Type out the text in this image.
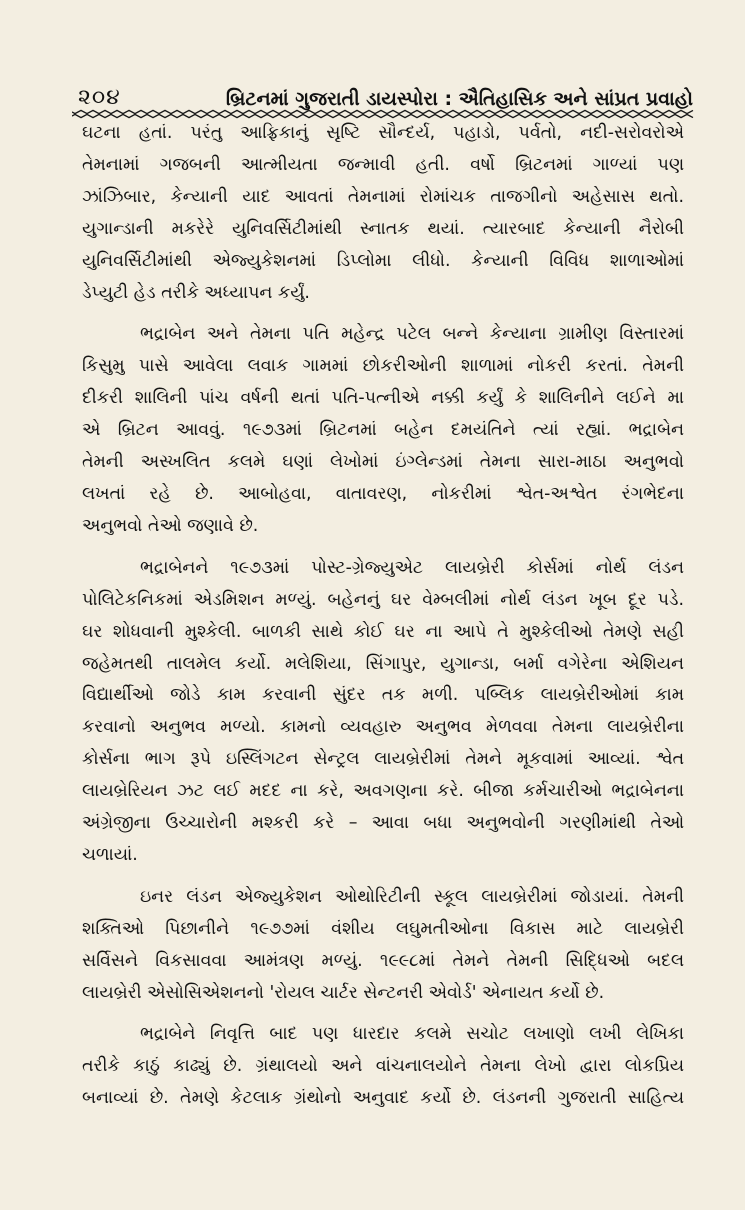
૨૦૪	બ્રિટનમાં ગુજરાતી ડાયસ્પોરા : ઐતિહાસિક અને સાંપ્રત પ્રવાહો

ઘટના હતાં. પરંતુ આફ્રિકાનું સૃષ્ટિ સૌન્દર્ય, પહાડો, પર્વતો, નદી-સરોવરોએ
તેમનામાં ગજબની આત્મીયતા જન્માવી હતી. વર્ષો બ્રિટનમાં ગાળ્યાં પણ
ઝાંઝિબાર, કેન્યાની યાદ આવતાં તેમનામાં રોમાંચક તાજગીનો અહેસાસ થતો.
યુગાન્ડાની મકરેરે યુનિવર્સિટીમાંથી સ્નાતક થયાં. ત્યારબાદ કેન્યાની નૈરોબી
યુનિવર્સિટીમાંથી એજ્યુકેશનમાં ડિપ્લોમા લીધો. કેન્યાની વિવિધ શાળાઓમાં
ડેપ્યુટી હેડ તરીકે અધ્યાપન કર્યું.

ભદ્રાબેન અને તેમના પતિ મહેન્દ્ર પટેલ બન્ને કેન્યાના ગ્રામીણ વિસ્તારમાં
કિસુમુ પાસે આવેલા લવાક ગામમાં છોકરીઓની શાળામાં નોકરી કરતાં. તેમની
દીકરી શાલિની પાંચ વર્ષની થતાં પતિ-પત્નીએ નક્કી કર્યું કે શાલિનીને લઈને મા
એ બ્રિટન આવવું. ૧૯૭૩માં બ્રિટનમાં બહેન દમયંતિને ત્યાં રહ્યાં. ભદ્રાબેન
તેમની અસ્ખલિત કલમે ઘણાં લેખોમાં ઇંગ્લેન્ડમાં તેમના સારા-માઠા અનુભવો
લખતાં રહે છે. આબોહવા, વાતાવરણ, નોકરીમાં શ્વેત-અશ્વેત રંગભેદના
અનુભવો તેઓ જણાવે છે.

ભદ્રાબેનને ૧૯૭૩માં પોસ્ટ-ગ્રેજ્યુએટ લાયબ્રેરી કોર્સમાં નોર્થ લંડન
પોલિટેકનિકમાં એડમિશન મળ્યું. બહેનનું ઘર વેમ્બલીમાં નોર્થ લંડન ખૂબ દૂર પડે.
ઘર શોધવાની મુશ્કેલી. બાળકી સાથે કોઈ ઘર ના આપે તે મુશ્કેલીઓ તેમણે સહી
જહેમતથી તાલમેલ કર્યો. મલેશિયા, સિંગાપુર, યુગાન્ડા, બર્મા વગેરેના એશિયન
વિદ્યાર્થીઓ જોડે કામ કરવાની સુંદર તક મળી. પબ્લિક લાયબ્રેરીઓમાં કામ
કરવાનો અનુભવ મળ્યો. કામનો વ્યવહારુ અનુભવ મેળવવા તેમના લાયબ્રેરીના
કોર્સના ભાગ રૂપે ઇસ્લિંગટન સેન્ટ્રલ લાયબ્રેરીમાં તેમને મૂકવામાં આવ્યાં. શ્વેત
લાયબ્રેરિયન ઝટ લઈ મદદ ના કરે, અવગણના કરે. બીજા કર્મચારીઓ ભદ્રાબેનના
અંગ્રેજીના ઉચ્ચારોની મશ્કરી કરે – આવા બધા અનુભવોની ગરણીમાંથી તેઓ
ચળાયાં.

ઇનર લંડન એજ્યુકેશન ઓથોરિટીની સ્કૂલ લાયબ્રેરીમાં જોડાયાં. તેમની
શક્તિઓ પિછાનીને ૧૯૭૭માં વંશીય લઘુમતીઓના વિકાસ માટે લાયબ્રેરી
સર્વિસને વિકસાવવા આમંત્રણ મળ્યું. ૧૯૯૮માં તેમને તેમની સિદ્ધિઓ બદલ
લાયબ્રેરી એસોસિએશનનો 'રોયલ ચાર્ટર સેન્ટનરી એવોર્ડ' એનાયત કર્યો છે.

ભદ્રાબેને નિવૃત્તિ બાદ પણ ધારદાર કલમે સચોટ લખાણો લખી લેખિકા
તરીકે કાઠું કાઢ્યું છે. ગ્રંથાલયો અને વાંચનાલયોને તેમના લેખો દ્વારા લોકપ્રિય
બનાવ્યાં છે. તેમણે કેટલાક ગ્રંથોનો અનુવાદ કર્યો છે. લંડનની ગુજરાતી સાહિત્ય
